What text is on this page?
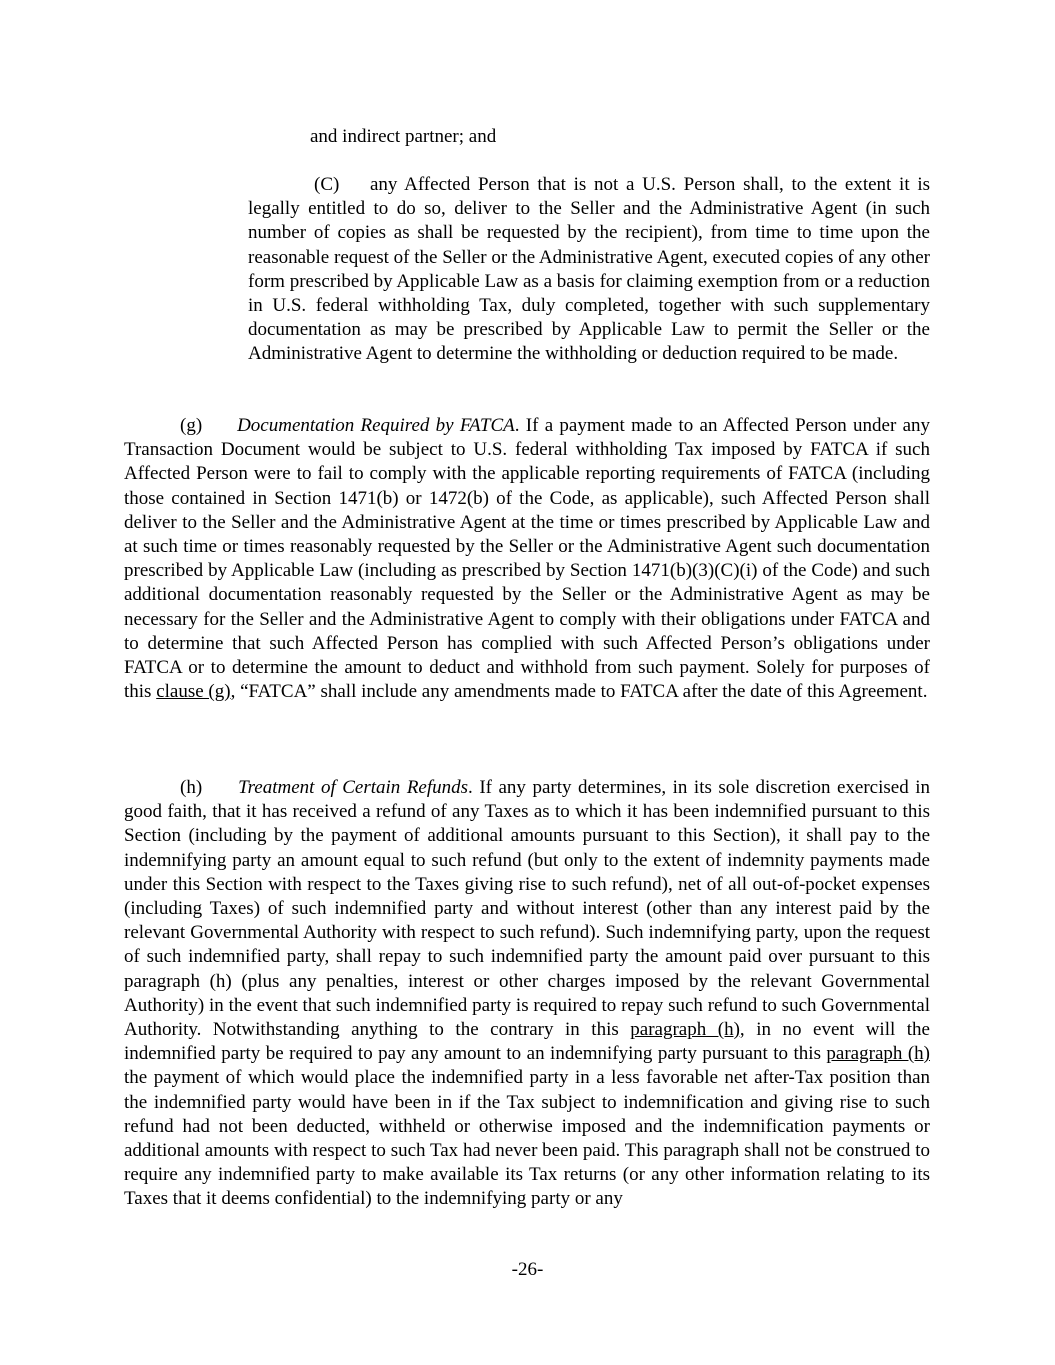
and indirect partner; and
(C) any Affected Person that is not a U.S. Person shall, to the extent it is legally entitled to do so, deliver to the Seller and the Administrative Agent (in such number of copies as shall be requested by the recipient), from time to time upon the reasonable request of the Seller or the Administrative Agent, executed copies of any other form prescribed by Applicable Law as a basis for claiming exemption from or a reduction in U.S. federal withholding Tax, duly completed, together with such supplementary documentation as may be prescribed by Applicable Law to permit the Seller or the Administrative Agent to determine the withholding or deduction required to be made.
(g) Documentation Required by FATCA. If a payment made to an Affected Person under any Transaction Document would be subject to U.S. federal withholding Tax imposed by FATCA if such Affected Person were to fail to comply with the applicable reporting requirements of FATCA (including those contained in Section 1471(b) or 1472(b) of the Code, as applicable), such Affected Person shall deliver to the Seller and the Administrative Agent at the time or times prescribed by Applicable Law and at such time or times reasonably requested by the Seller or the Administrative Agent such documentation prescribed by Applicable Law (including as prescribed by Section 1471(b)(3)(C)(i) of the Code) and such additional documentation reasonably requested by the Seller or the Administrative Agent as may be necessary for the Seller and the Administrative Agent to comply with their obligations under FATCA and to determine that such Affected Person has complied with such Affected Person’s obligations under FATCA or to determine the amount to deduct and withhold from such payment. Solely for purposes of this clause (g), “FATCA” shall include any amendments made to FATCA after the date of this Agreement.
(h) Treatment of Certain Refunds. If any party determines, in its sole discretion exercised in good faith, that it has received a refund of any Taxes as to which it has been indemnified pursuant to this Section (including by the payment of additional amounts pursuant to this Section), it shall pay to the indemnifying party an amount equal to such refund (but only to the extent of indemnity payments made under this Section with respect to the Taxes giving rise to such refund), net of all out-of-pocket expenses (including Taxes) of such indemnified party and without interest (other than any interest paid by the relevant Governmental Authority with respect to such refund). Such indemnifying party, upon the request of such indemnified party, shall repay to such indemnified party the amount paid over pursuant to this paragraph (h) (plus any penalties, interest or other charges imposed by the relevant Governmental Authority) in the event that such indemnified party is required to repay such refund to such Governmental Authority. Notwithstanding anything to the contrary in this paragraph (h), in no event will the indemnified party be required to pay any amount to an indemnifying party pursuant to this paragraph (h) the payment of which would place the indemnified party in a less favorable net after-Tax position than the indemnified party would have been in if the Tax subject to indemnification and giving rise to such refund had not been deducted, withheld or otherwise imposed and the indemnification payments or additional amounts with respect to such Tax had never been paid. This paragraph shall not be construed to require any indemnified party to make available its Tax returns (or any other information relating to its Taxes that it deems confidential) to the indemnifying party or any
-26-
